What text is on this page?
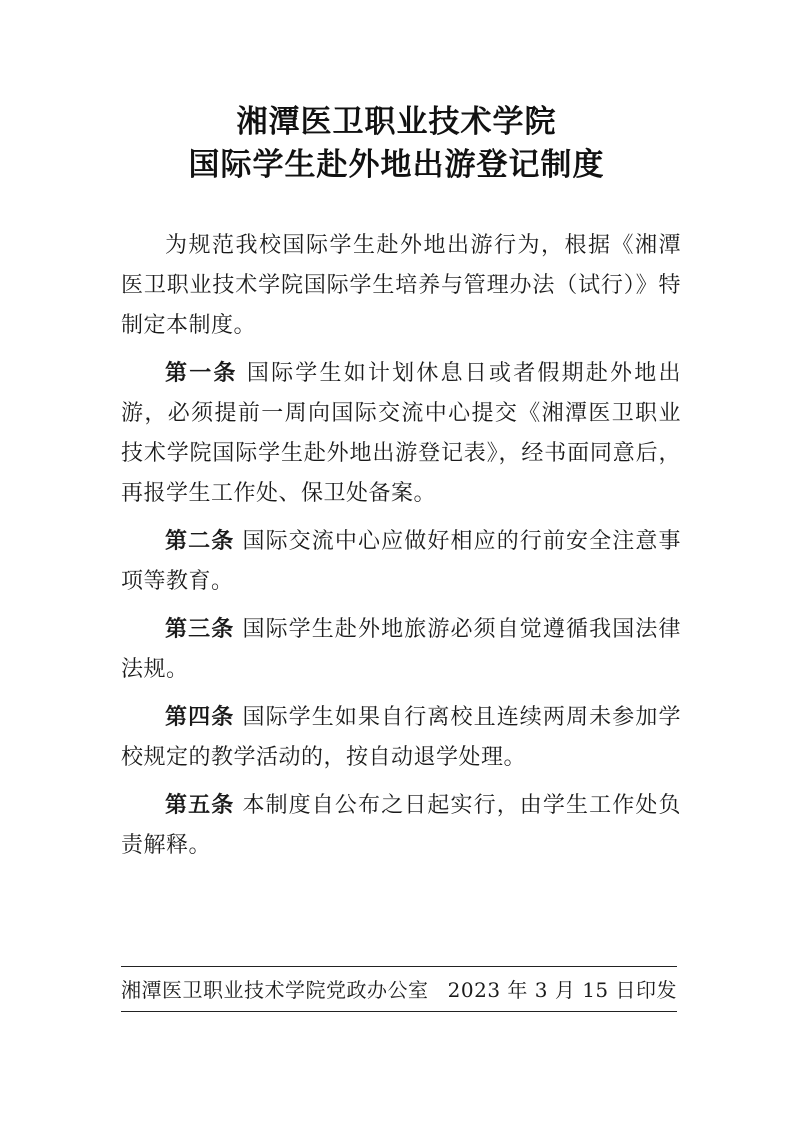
湘潭医卫职业技术学院
国际学生赴外地出游登记制度

为规范我校国际学生赴外地出游行为，根据《湘潭医卫职业技术学院国际学生培养与管理办法（试行）》特制定本制度。

第一条 国际学生如计划休息日或者假期赴外地出游，必须提前一周向国际交流中心提交《湘潭医卫职业技术学院国际学生赴外地出游登记表》，经书面同意后，再报学生工作处、保卫处备案。

第二条 国际交流中心应做好相应的行前安全注意事项等教育。

第三条 国际学生赴外地旅游必须自觉遵循我国法律法规。

第四条 国际学生如果自行离校且连续两周未参加学校规定的教学活动的，按自动退学处理。

第五条 本制度自公布之日起实行，由学生工作处负责解释。

湘潭医卫职业技术学院党政办公室 2023 年 3 月 15 日印发
